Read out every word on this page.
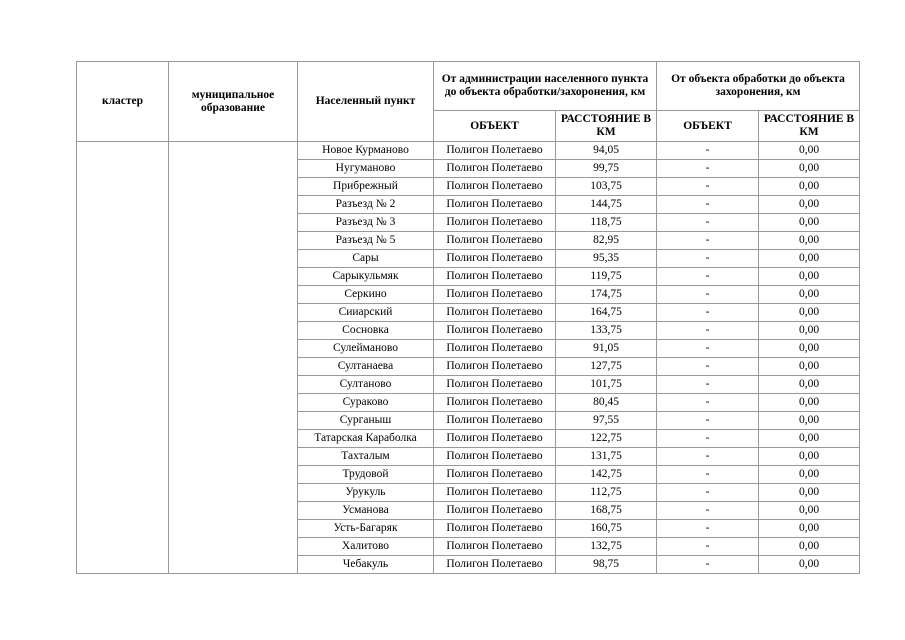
кластер	муниципальное образование	Населенный пункт	От администрации населенного пункта до объекта обработки/захоронения, км		От объекта обработки до объекта захоронения, км	
			ОБЪЕКТ	РАССТОЯНИЕ В КМ	ОБЪЕКТ	РАССТОЯНИЕ В КМ
		Новое Курманово	Полигон Полетаево	94,05	-	0,00
		Нугуманово	Полигон Полетаево	99,75	-	0,00
		Прибрежный	Полигон Полетаево	103,75	-	0,00
		Разъезд № 2	Полигон Полетаево	144,75	-	0,00
		Разъезд № 3	Полигон Полетаево	118,75	-	0,00
		Разъезд № 5	Полигон Полетаево	82,95	-	0,00
		Сары	Полигон Полетаево	95,35	-	0,00
		Сарыкульмяк	Полигон Полетаево	119,75	-	0,00
		Серкино	Полигон Полетаево	174,75	-	0,00
		Сииарский	Полигон Полетаево	164,75	-	0,00
		Сосновка	Полигон Полетаево	133,75	-	0,00
		Сулейманово	Полигон Полетаево	91,05	-	0,00
		Султанаева	Полигон Полетаево	127,75	-	0,00
		Султаново	Полигон Полетаево	101,75	-	0,00
		Сураково	Полигон Полетаево	80,45	-	0,00
		Сурганыш	Полигон Полетаево	97,55	-	0,00
		Татарская Караболка	Полигон Полетаево	122,75	-	0,00
		Тахталым	Полигон Полетаево	131,75	-	0,00
		Трудовой	Полигон Полетаево	142,75	-	0,00
		Урукуль	Полигон Полетаево	112,75	-	0,00
		Усманова	Полигон Полетаево	168,75	-	0,00
		Усть-Багаряк	Полигон Полетаево	160,75	-	0,00
		Халитово	Полигон Полетаево	132,75	-	0,00
		Чебакуль	Полигон Полетаево	98,75	-	0,00
